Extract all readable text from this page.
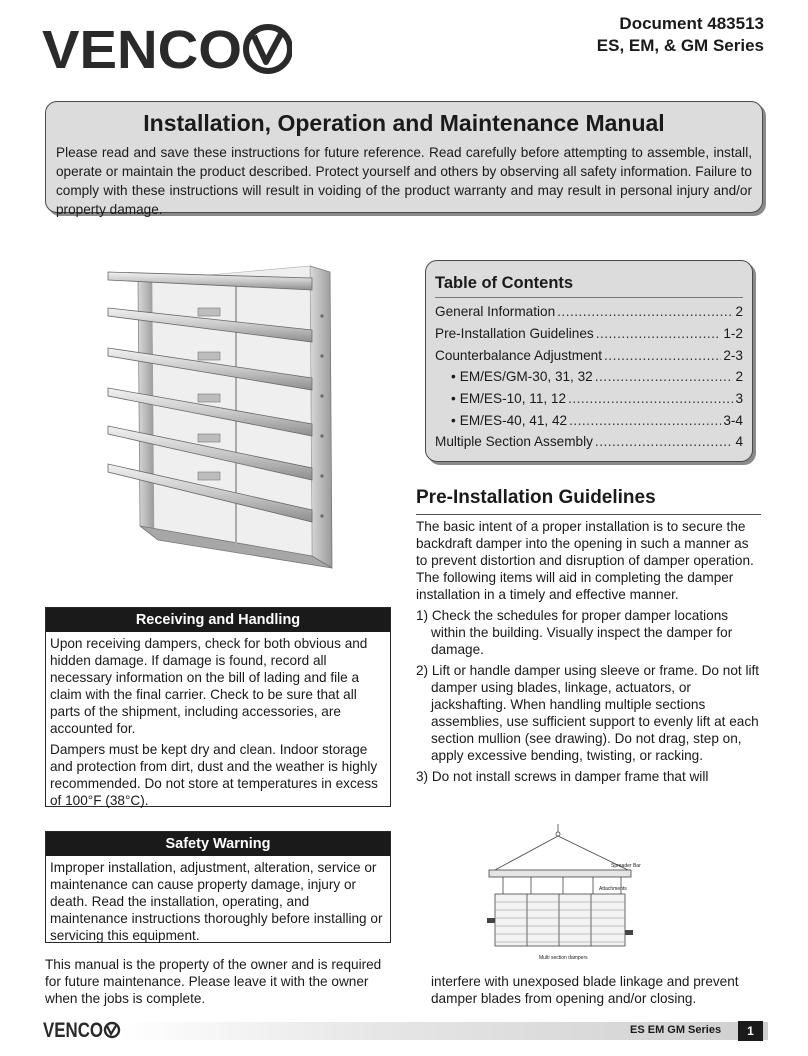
VENCO	Document 483513
ES, EM, & GM Series
Installation, Operation and Maintenance Manual

Please read and save these instructions for future reference. Read carefully before attempting to assemble, install, operate or maintain the product described. Protect yourself and others by observing all safety information. Failure to comply with these instructions will result in voiding of the product warranty and may result in personal injury and/or property damage.

Table of Contents
General Information .....	2
Pre-Installation Guidelines .....	1-2
Counterbalance Adjustment .....	2-3
• EM/ES/GM-30, 31, 32 .....	2
• EM/ES-10, 11, 12 .....	3
• EM/ES-40, 41, 42 .....	3-4
Multiple Section Assembly .....	4
Pre-Installation Guidelines

The basic intent of a proper installation is to secure the backdraft damper into the opening in such a manner as to prevent distortion and disruption of damper operation. The following items will aid in completing the damper installation in a timely and effective manner.

1) Check the schedules for proper damper locations within the building. Visually inspect the damper for damage.
2) Lift or handle damper using sleeve or frame. Do not lift damper using blades, linkage, actuators, or jackshafting. When handling multiple sections assemblies, use sufficient support to evenly lift at each section mullion (see drawing). Do not drag, step on, apply excessive bending, twisting, or racking.
3) Do not install screws in damper frame that will

interfere with unexposed blade linkage and prevent damper blades from opening and/or closing.

Receiving and Handling

Upon receiving dampers, check for both obvious and hidden damage. If damage is found, record all necessary information on the bill of lading and file a claim with the final carrier. Check to be sure that all parts of the shipment, including accessories, are accounted for.

Dampers must be kept dry and clean. Indoor storage and protection from dirt, dust and the weather is highly recommended. Do not store at temperatures in excess of 100°F (38°C).

Safety Warning

Improper installation, adjustment, alteration, service or maintenance can cause property damage, injury or death. Read the installation, operating, and maintenance instructions thoroughly before installing or servicing this equipment.

This manual is the property of the owner and is required for future maintenance. Please leave it with the owner when the jobs is complete.

Spreader Bar
Attachments
Multi section dampers
VENCO	ES EM GM Series	1
